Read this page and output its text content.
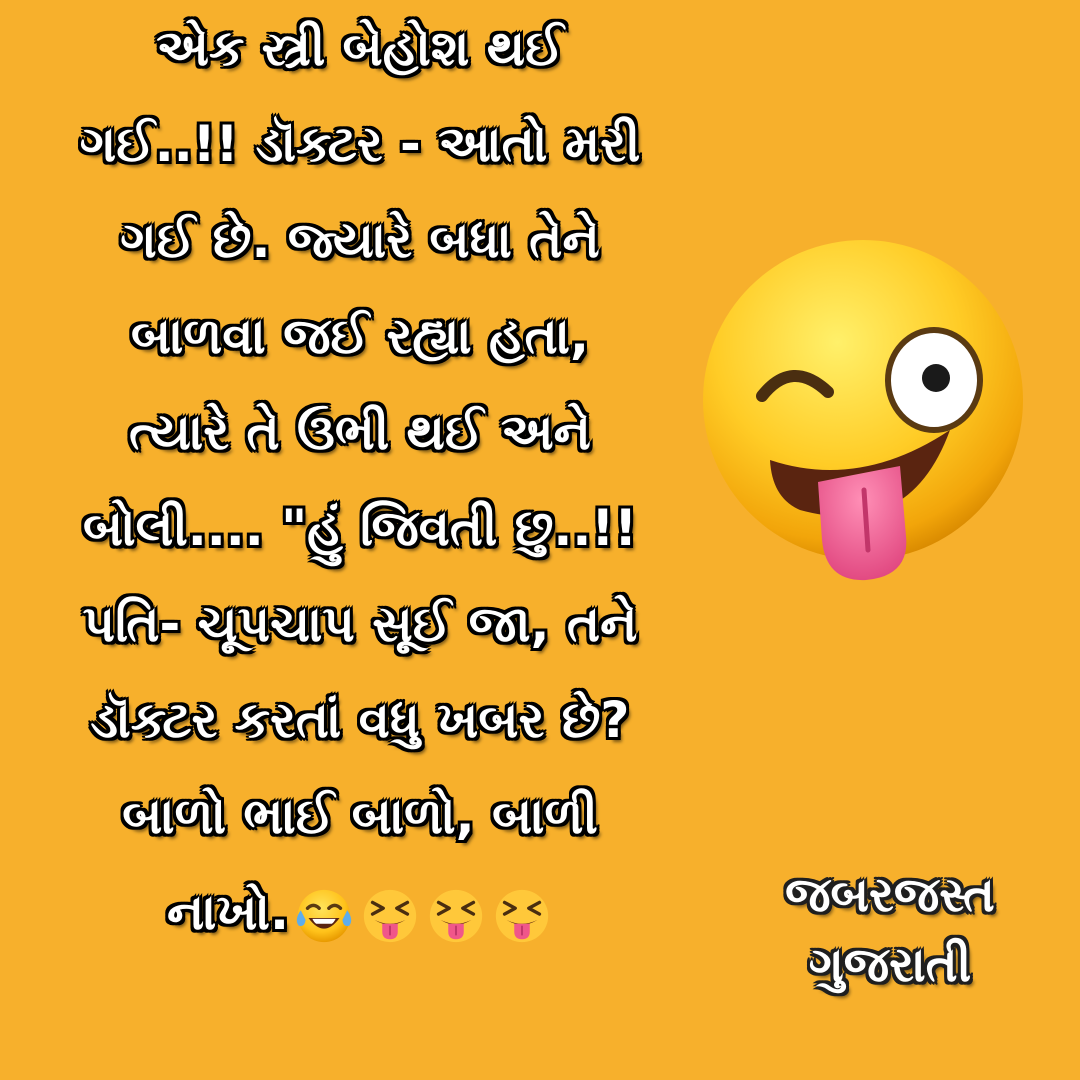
એક સ્ત્રી બેહોશ થઈ
ગઈ..!! ડૉક્ટર - આતો મરી
ગઈ છે. જ્યારે બધા તેને
બાળવા જઈ રહ્યા હતા,
ત્યારે તે ઉભી થઈ અને
બોલી.... "હું જિવતી છુ..!!
પતિ- ચૂપચાપ સૂઈ જા, તને
ડૉક્ટર કરતાં વધુ ખબર છે?
બાળો ભાઈ બાળો, બાળી
નાખો.	જબરજસ્ત
ગુજરાતી
